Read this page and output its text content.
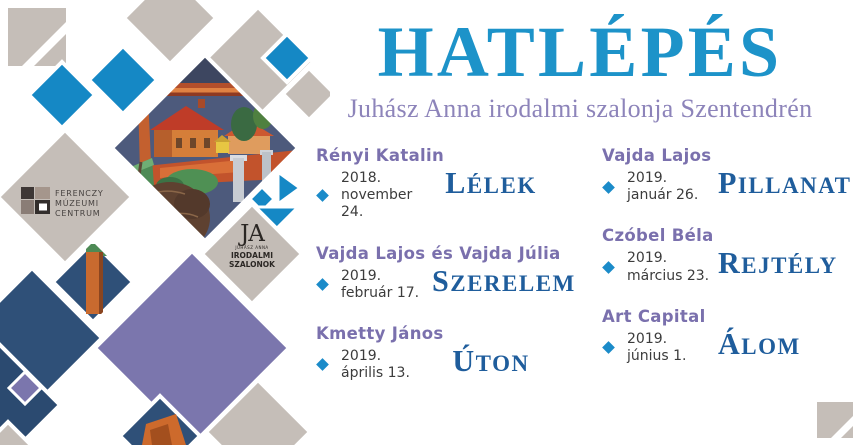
FERENCZY
MÚZEUMI
CENTRUM
JA
JUHÁSZ ANNA
IRODALMI
SZALONOK
HATLÉPÉS
Juhász Anna irodalmi szalonja Szentendrén
Rényi Katalin
2018.
november 24.
LÉLEK
Vajda Lajos és Vajda Júlia
2019.
február 17. SZERELEM
Kmetty János
2019.
április 13.	ÚTON
Vajda Lajos
2019.
január 26. PILLANAT
Czóbel Béla
2019.
március 23. REJTÉLY
Art Capital
2019.
június 1. ÁLOM
